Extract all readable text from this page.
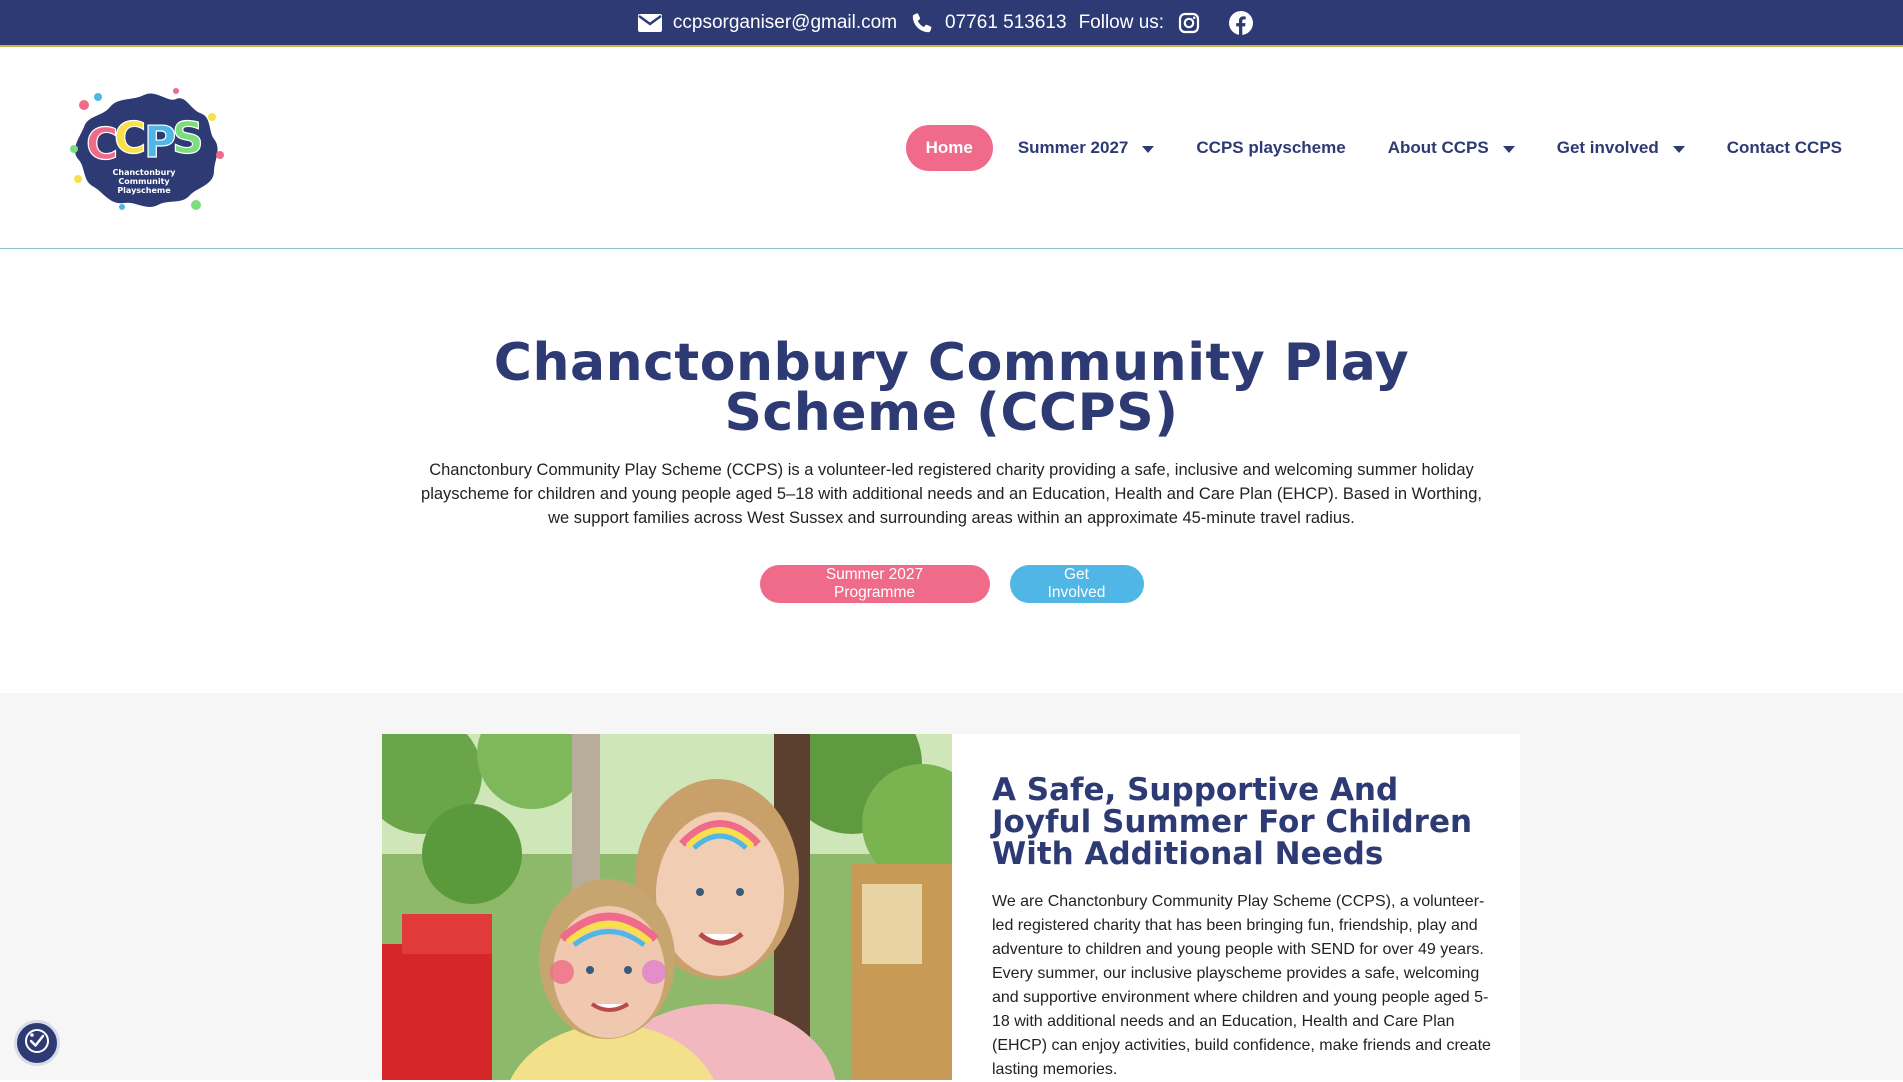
ccpsorganiser@gmail.com	07761 513613 Follow us:
C
C
P
S
Chanctonbury
Community
Playscheme
Home	Summer 2027	CCPS playscheme About CCPS	Get involved	Contact CCPS
Chanctonbury Community Play Scheme (CCPS)

Chanctonbury Community Play Scheme (CCPS) is a volunteer-led registered charity providing a safe, inclusive and welcoming summer holiday playscheme for children and young people aged 5–18 with additional needs and an Education, Health and Care Plan (EHCP). Based in Worthing, we support families across West Sussex and surrounding areas within an approximate 45-minute travel radius.

Summer 2027 Programme
Get Involved
A Safe, Supportive And Joyful Summer For Children With Additional Needs

We are Chanctonbury Community Play Scheme (CCPS), a volunteer-led registered charity that has been bringing fun, friendship, play and adventure to children and young people with SEND for over 49 years. Every summer, our inclusive playscheme provides a safe, welcoming and supportive environment where children and young people aged 5-18 with additional needs and an Education, Health and Care Plan (EHCP) can enjoy activities, build confidence, make friends and create lasting memories.
